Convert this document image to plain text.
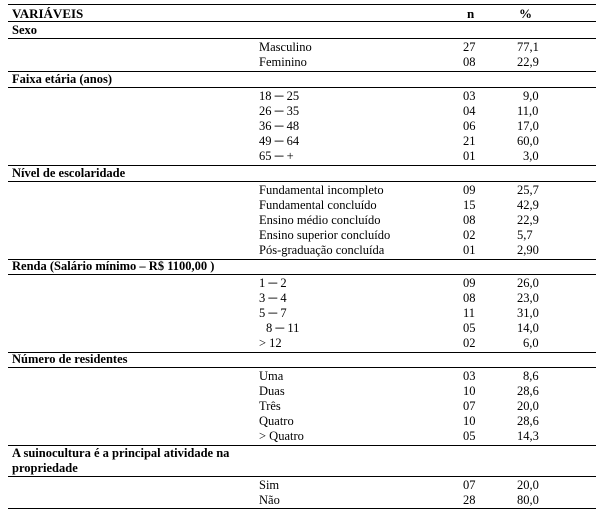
VARIÁVEIS	n	%
Sexo
Masculino	27	77,1
Feminino	08	22,9
Faixa etária (anos)
18 ─ 25	03	9,0
26 ─ 35	04	11,0
36 ─ 48	06	17,0
49 ─ 64	21	60,0
65 ─ +	01	3,0
Nível de escolaridade
Fundamental incompleto	09	25,7
Fundamental concluído	15	42,9
Ensino médio concluído	08	22,9
Ensino superior concluído	02	5,7
Pós-graduação concluída	01	2,90
Renda (Salário mínimo – R$ 1100,00 )
1 ─ 2	09	26,0
3 ─ 4	08	23,0
5 ─ 7	11	31,0
8 ─ 11	05	14,0
> 12	02	6,0
Número de residentes
Uma	03	8,6
Duas	10	28,6
Três	07	20,0
Quatro	10	28,6
> Quatro	05	14,3
A suinocultura é a principal atividade na propriedade
Sim	07	20,0
Não	28	80,0
